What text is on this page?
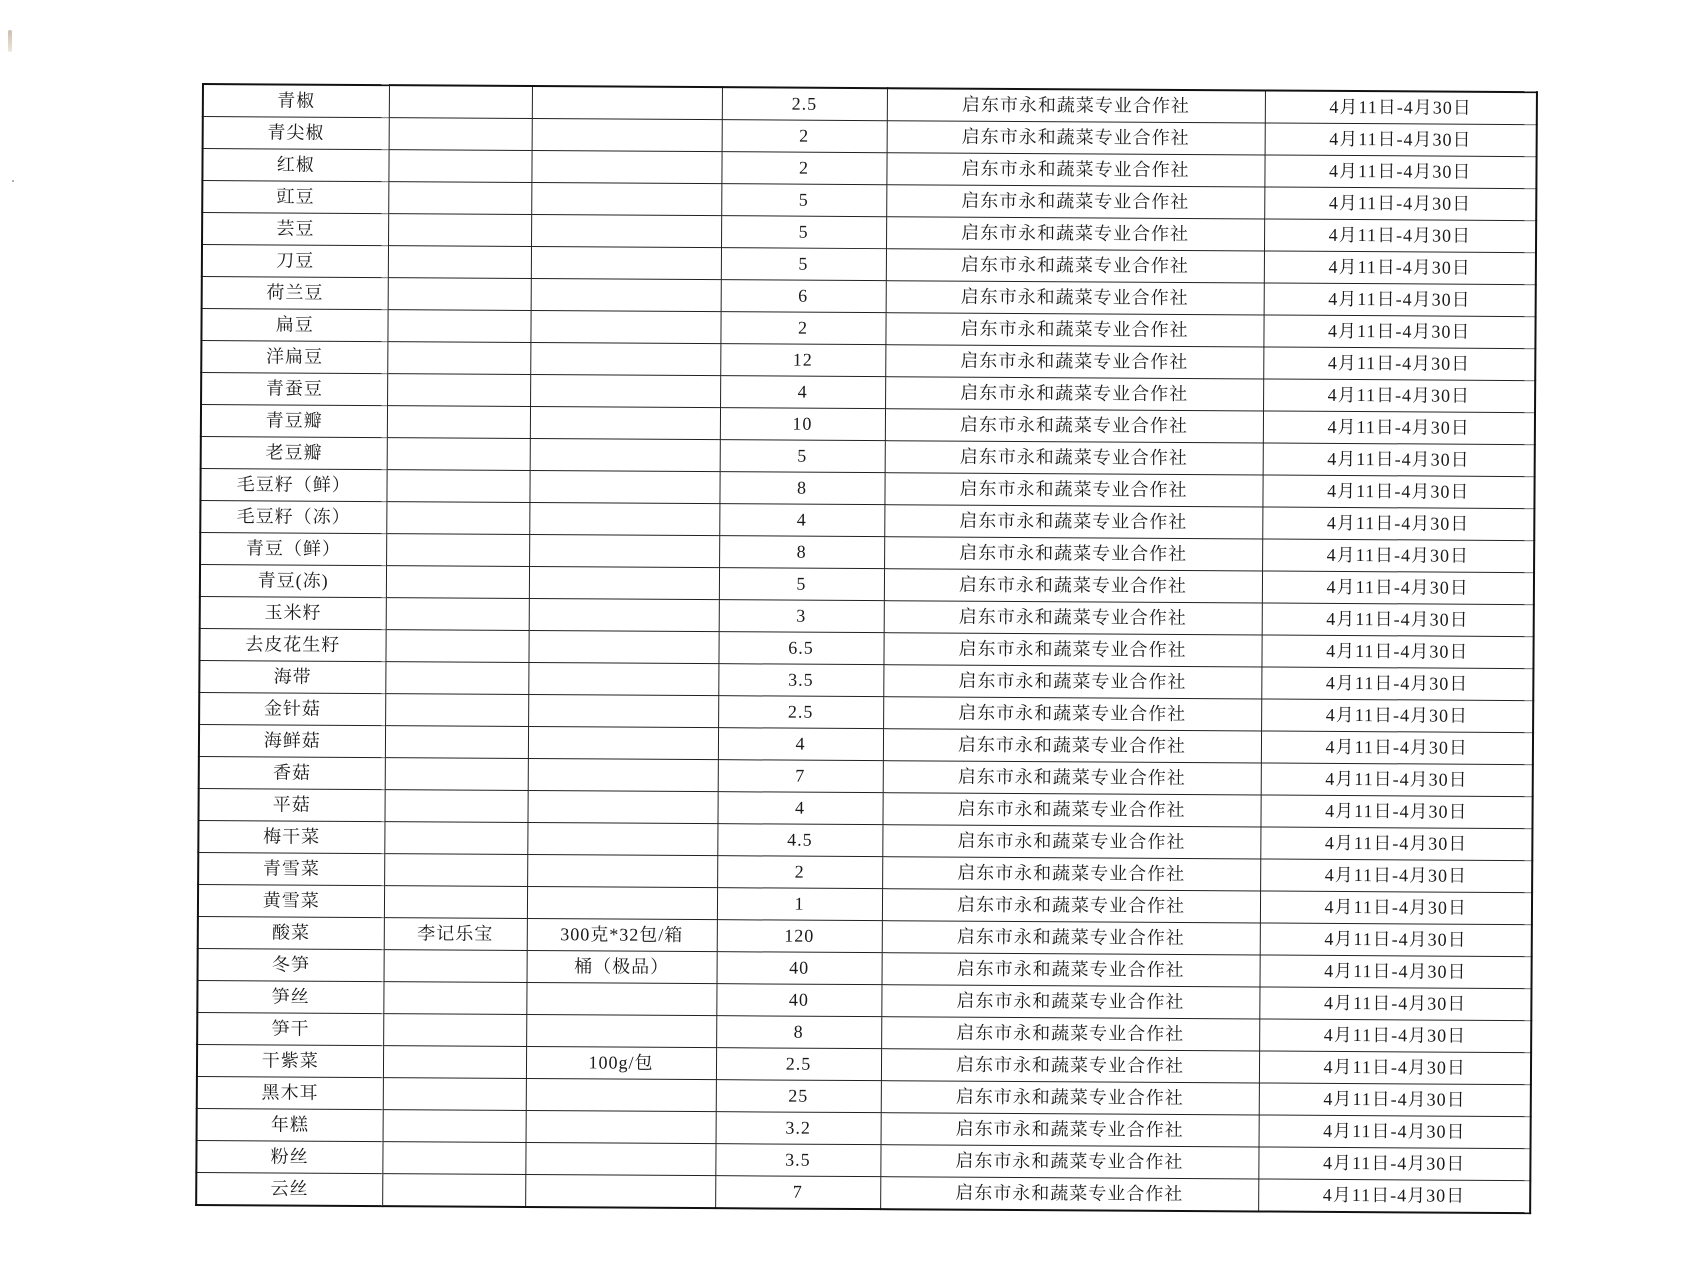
青椒			2.5	启东市永和蔬菜专业合作社	4月11日-4月30日
青尖椒			2	启东市永和蔬菜专业合作社	4月11日-4月30日
红椒			2	启东市永和蔬菜专业合作社	4月11日-4月30日
豇豆			5	启东市永和蔬菜专业合作社	4月11日-4月30日
芸豆			5	启东市永和蔬菜专业合作社	4月11日-4月30日
刀豆			5	启东市永和蔬菜专业合作社	4月11日-4月30日
荷兰豆			6	启东市永和蔬菜专业合作社	4月11日-4月30日
扁豆			2	启东市永和蔬菜专业合作社	4月11日-4月30日
洋扁豆			12	启东市永和蔬菜专业合作社	4月11日-4月30日
青蚕豆			4	启东市永和蔬菜专业合作社	4月11日-4月30日
青豆瓣			10	启东市永和蔬菜专业合作社	4月11日-4月30日
老豆瓣			5	启东市永和蔬菜专业合作社	4月11日-4月30日
毛豆籽（鲜）			8	启东市永和蔬菜专业合作社	4月11日-4月30日
毛豆籽（冻）			4	启东市永和蔬菜专业合作社	4月11日-4月30日
青豆（鲜）			8	启东市永和蔬菜专业合作社	4月11日-4月30日
青豆(冻)			5	启东市永和蔬菜专业合作社	4月11日-4月30日
玉米籽			3	启东市永和蔬菜专业合作社	4月11日-4月30日
去皮花生籽			6.5	启东市永和蔬菜专业合作社	4月11日-4月30日
海带			3.5	启东市永和蔬菜专业合作社	4月11日-4月30日
金针菇			2.5	启东市永和蔬菜专业合作社	4月11日-4月30日
海鲜菇			4	启东市永和蔬菜专业合作社	4月11日-4月30日
香菇			7	启东市永和蔬菜专业合作社	4月11日-4月30日
平菇			4	启东市永和蔬菜专业合作社	4月11日-4月30日
梅干菜			4.5	启东市永和蔬菜专业合作社	4月11日-4月30日
青雪菜			2	启东市永和蔬菜专业合作社	4月11日-4月30日
黄雪菜			1	启东市永和蔬菜专业合作社	4月11日-4月30日
酸菜	李记乐宝	300克*32包/箱	120	启东市永和蔬菜专业合作社	4月11日-4月30日
冬笋		桶（极品）	40	启东市永和蔬菜专业合作社	4月11日-4月30日
笋丝			40	启东市永和蔬菜专业合作社	4月11日-4月30日
笋干			8	启东市永和蔬菜专业合作社	4月11日-4月30日
干紫菜		100g/包	2.5	启东市永和蔬菜专业合作社	4月11日-4月30日
黑木耳			25	启东市永和蔬菜专业合作社	4月11日-4月30日
年糕			3.2	启东市永和蔬菜专业合作社	4月11日-4月30日
粉丝			3.5	启东市永和蔬菜专业合作社	4月11日-4月30日
云丝			7	启东市永和蔬菜专业合作社	4月11日-4月30日
